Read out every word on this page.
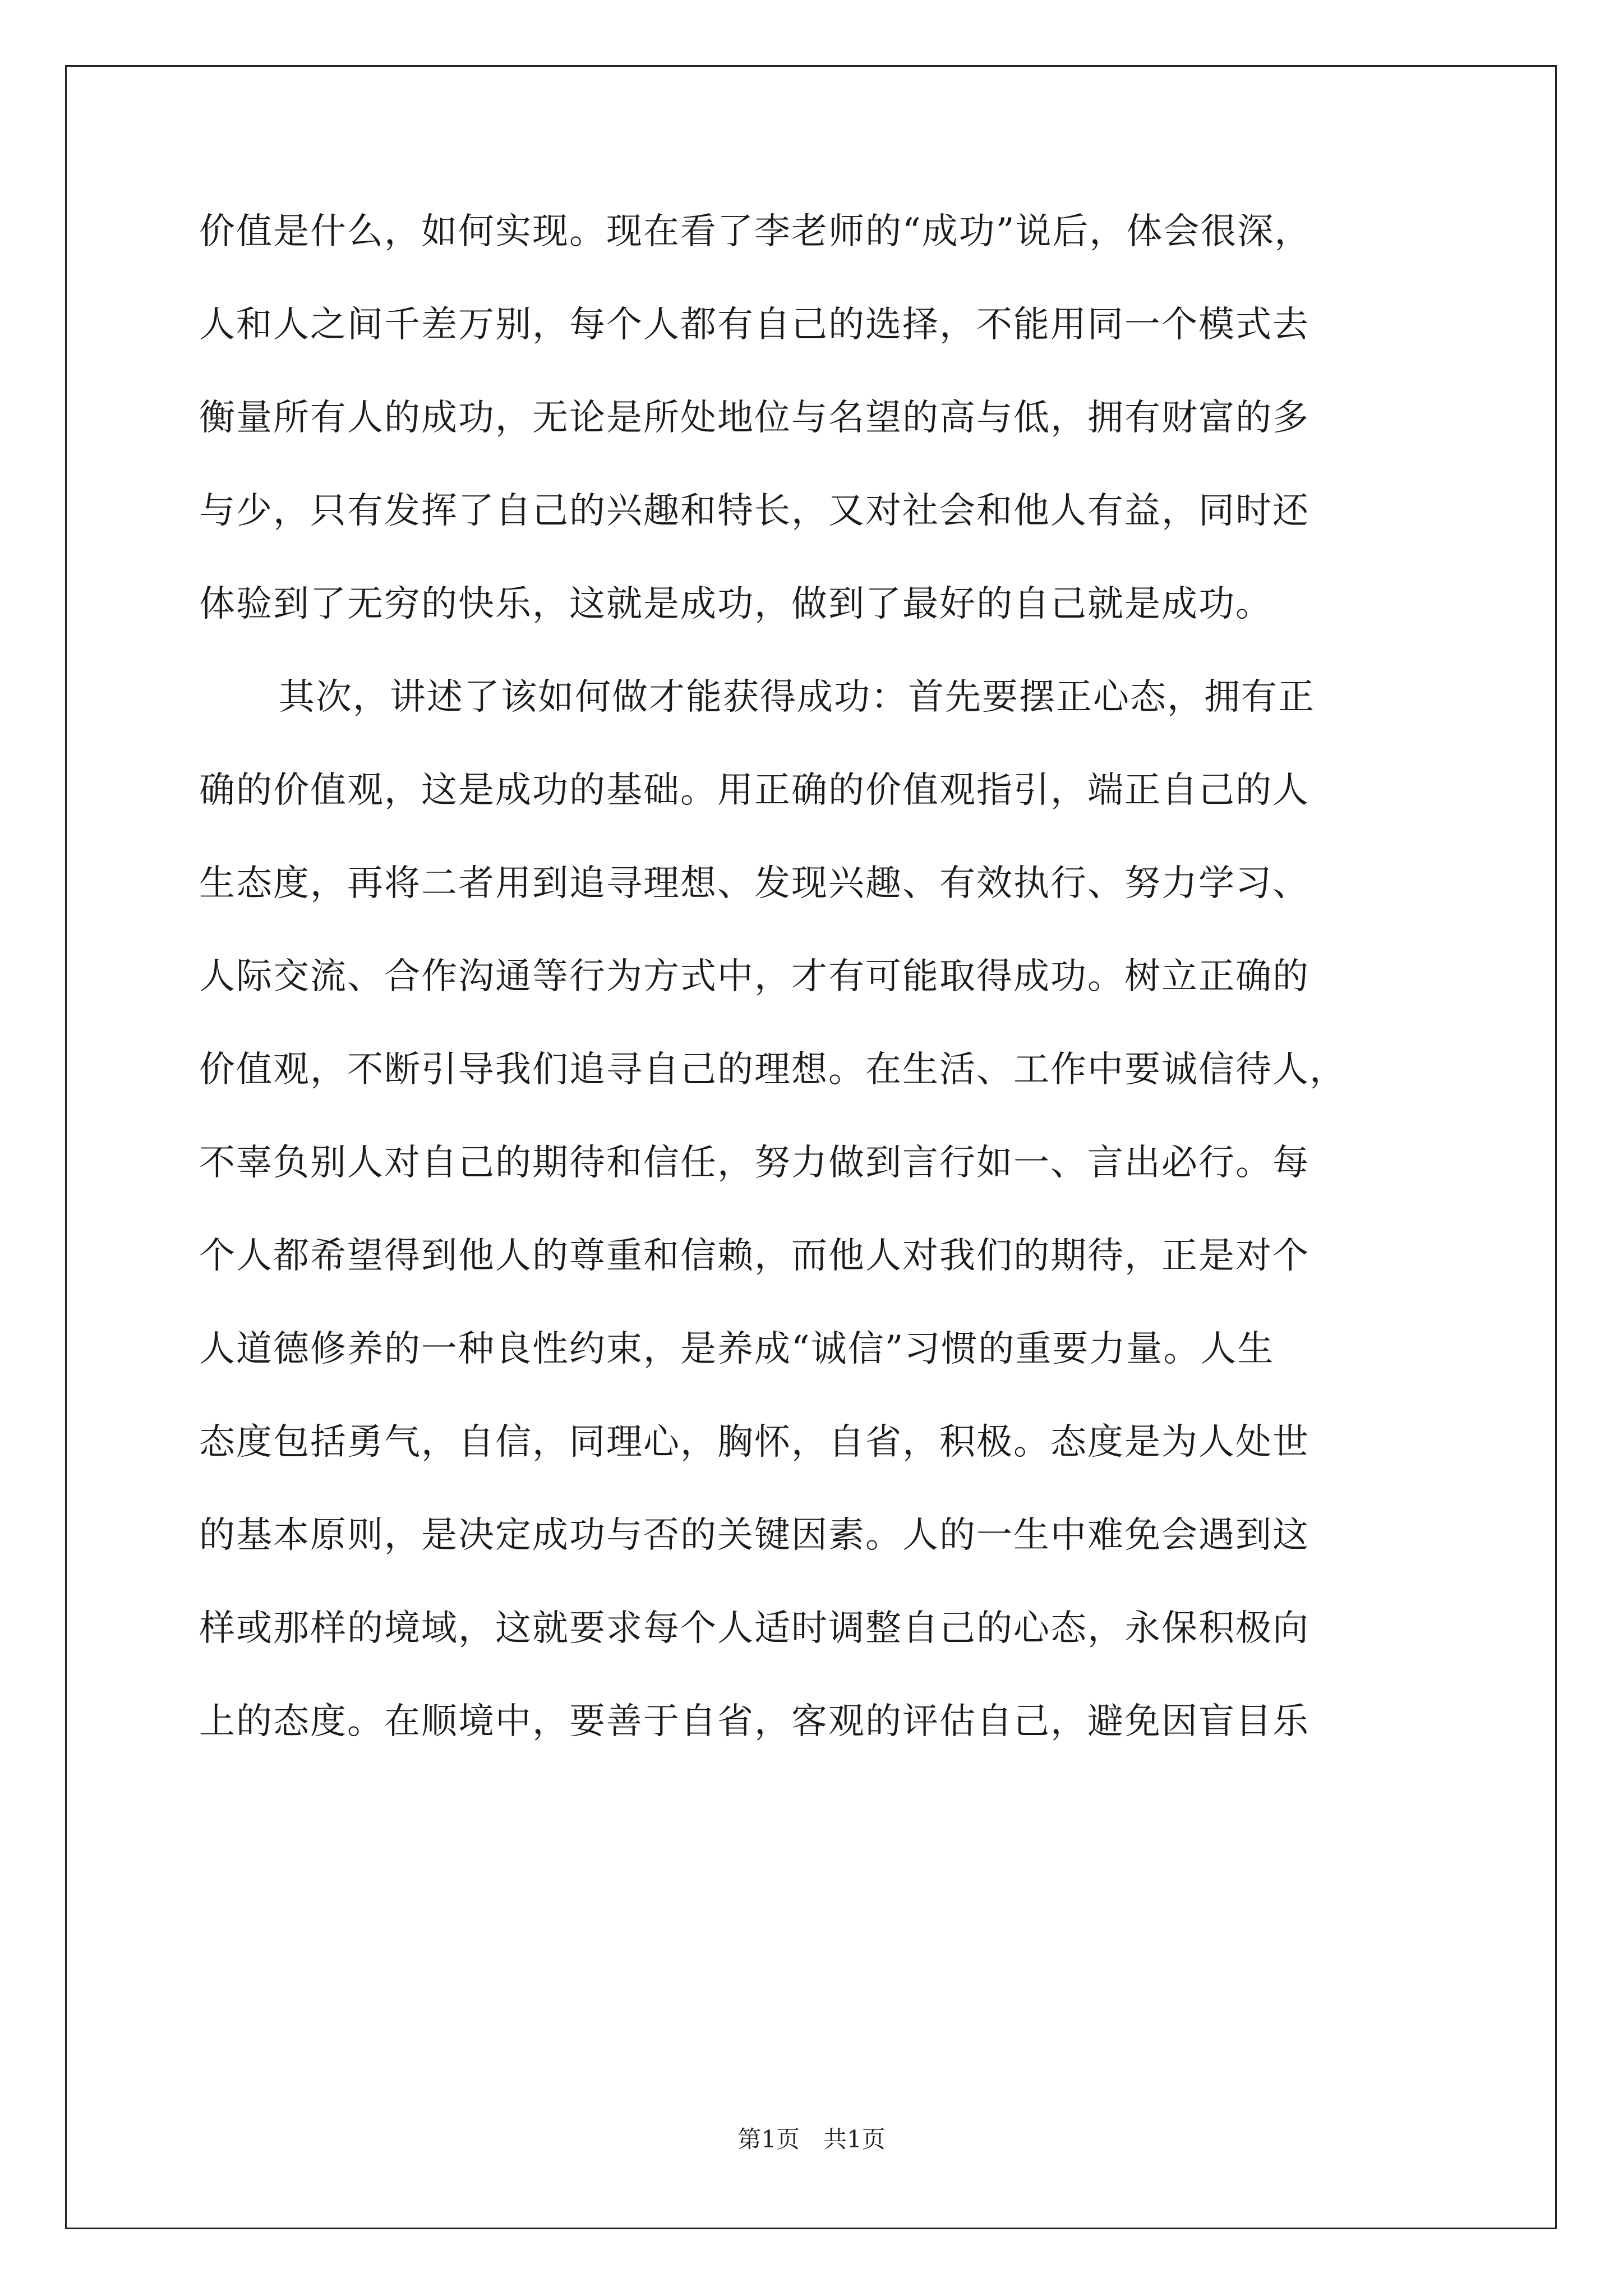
价值是什么，如何实现。现在看了李老师的“成功”说后，体会很深，
人和人之间千差万别，每个人都有自己的选择，不能用同一个模式去
衡量所有人的成功，无论是所处地位与名望的高与低，拥有财富的多
与少，只有发挥了自己的兴趣和特长，又对社会和他人有益，同时还
体验到了无穷的快乐，这就是成功，做到了最好的自己就是成功。
其次，讲述了该如何做才能获得成功：首先要摆正心态，拥有正
确的价值观，这是成功的基础。用正确的价值观指引，端正自己的人
生态度，再将二者用到追寻理想、发现兴趣、有效执行、努力学习、
人际交流、合作沟通等行为方式中，才有可能取得成功。树立正确的
价值观，不断引导我们追寻自己的理想。在生活、工作中要诚信待人，
不辜负别人对自己的期待和信任，努力做到言行如一、言出必行。每
个人都希望得到他人的尊重和信赖，而他人对我们的期待，正是对个
人道德修养的一种良性约束，是养成“诚信”习惯的重要力量。人生
态度包括勇气，自信，同理心，胸怀，自省，积极。态度是为人处世
的基本原则，是决定成功与否的关键因素。人的一生中难免会遇到这
样或那样的境域，这就要求每个人适时调整自己的心态，永保积极向
上的态度。在顺境中，要善于自省，客观的评估自己，避免因盲目乐
第1页　共1页
